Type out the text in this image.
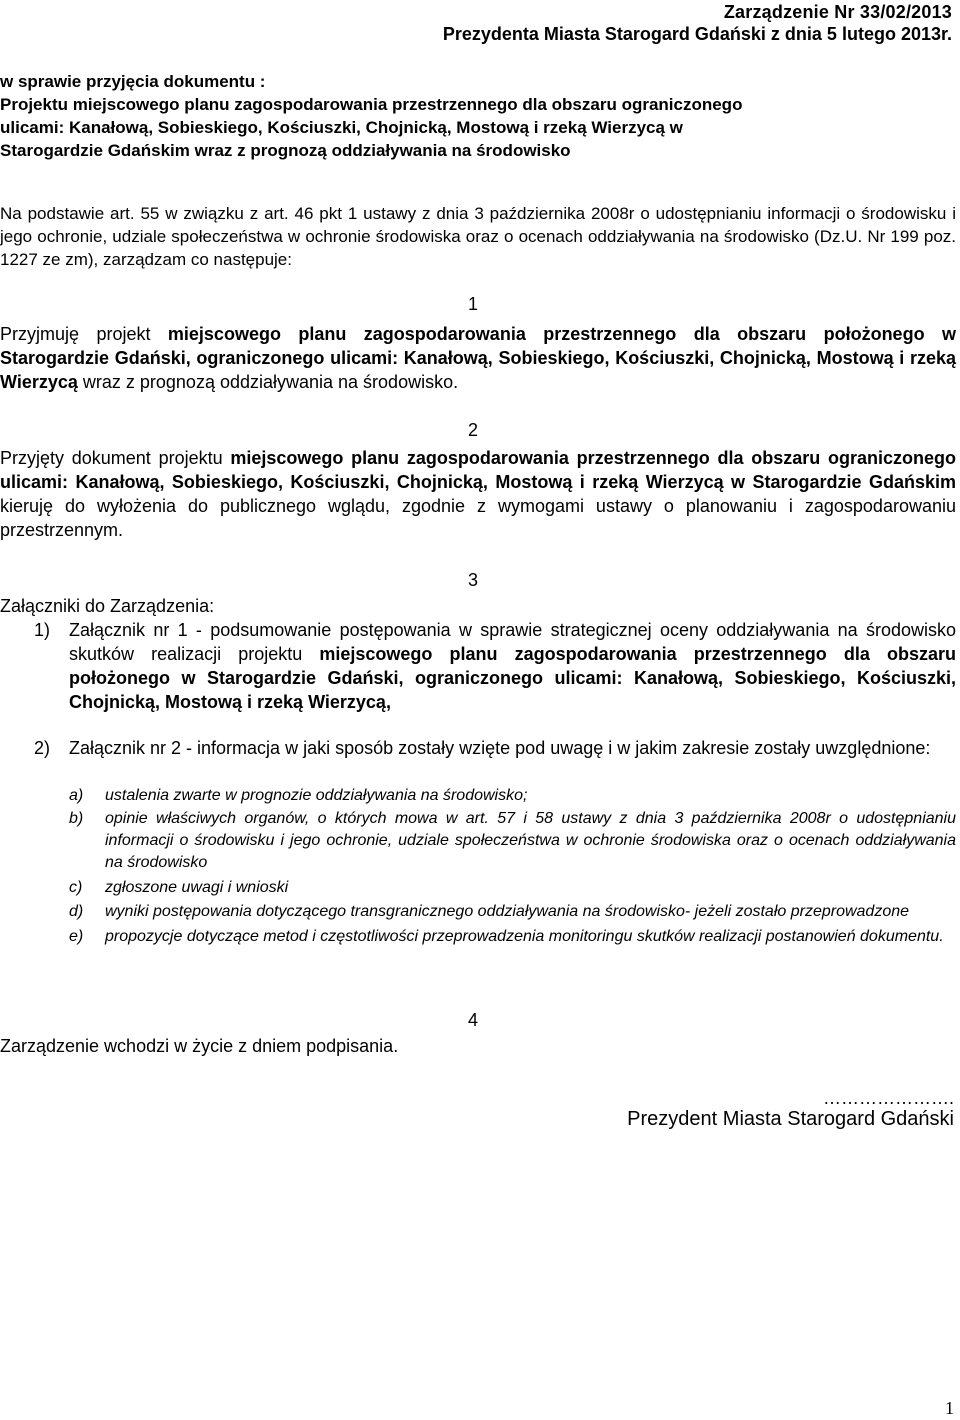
Zarządzenie Nr 33/02/2013
Prezydenta Miasta Starogard Gdański z dnia 5 lutego 2013r.
w sprawie przyjęcia dokumentu :
Projektu miejscowego planu zagospodarowania przestrzennego dla obszaru ograniczonego
ulicami: Kanałową, Sobieskiego, Kościuszki, Chojnicką, Mostową i rzeką Wierzycą w
Starogardzie Gdańskim wraz z prognozą oddziaływania na środowisko
Na podstawie art. 55 w związku z art. 46 pkt 1 ustawy z dnia 3 października 2008r o udostępnianiu informacji o środowisku i jego ochronie, udziale społeczeństwa w ochronie środowiska oraz o ocenach oddziaływania na środowisko (Dz.U. Nr 199 poz. 1227 ze zm), zarządzam co następuje:
1
Przyjmuję projekt miejscowego planu zagospodarowania przestrzennego dla obszaru położonego w Starogardzie Gdański, ograniczonego ulicami: Kanałową, Sobieskiego, Kościuszki, Chojnicką, Mostową i rzeką Wierzycą wraz z prognozą oddziaływania na środowisko.
2
Przyjęty dokument projektu miejscowego planu zagospodarowania przestrzennego dla obszaru ograniczonego ulicami: Kanałową, Sobieskiego, Kościuszki, Chojnicką, Mostową i rzeką Wierzycą w Starogardzie Gdańskim kieruję do wyłożenia do publicznego wglądu, zgodnie z wymogami ustawy o planowaniu i zagospodarowaniu przestrzennym.
3
Załączniki do Zarządzenia:
1) Załącznik nr 1 - podsumowanie postępowania w sprawie strategicznej oceny oddziaływania na środowisko skutków realizacji projektu miejscowego planu zagospodarowania przestrzennego dla obszaru położonego w Starogardzie Gdański, ograniczonego ulicami: Kanałową, Sobieskiego, Kościuszki, Chojnicką, Mostową i rzeką Wierzycą,
2) Załącznik nr 2 - informacja w jaki sposób zostały wzięte pod uwagę i w jakim zakresie zostały uwzględnione:
a) ustalenia zwarte w prognozie oddziaływania na środowisko;
b) opinie właściwych organów, o których mowa w art. 57 i 58 ustawy z dnia 3 października 2008r o udostępnianiu informacji o środowisku i jego ochronie, udziale społeczeństwa w ochronie środowiska oraz o ocenach oddziaływania na środowisko
c) zgłoszone uwagi i wnioski
d) wyniki postępowania dotyczącego transgranicznego oddziaływania na środowisko- jeżeli zostało przeprowadzone
e) propozycje dotyczące metod i częstotliwości przeprowadzenia monitoringu skutków realizacji postanowień dokumentu.
4
Zarządzenie wchodzi w życie z dniem podpisania.
………………….
Prezydent Miasta Starogard Gdański
1
